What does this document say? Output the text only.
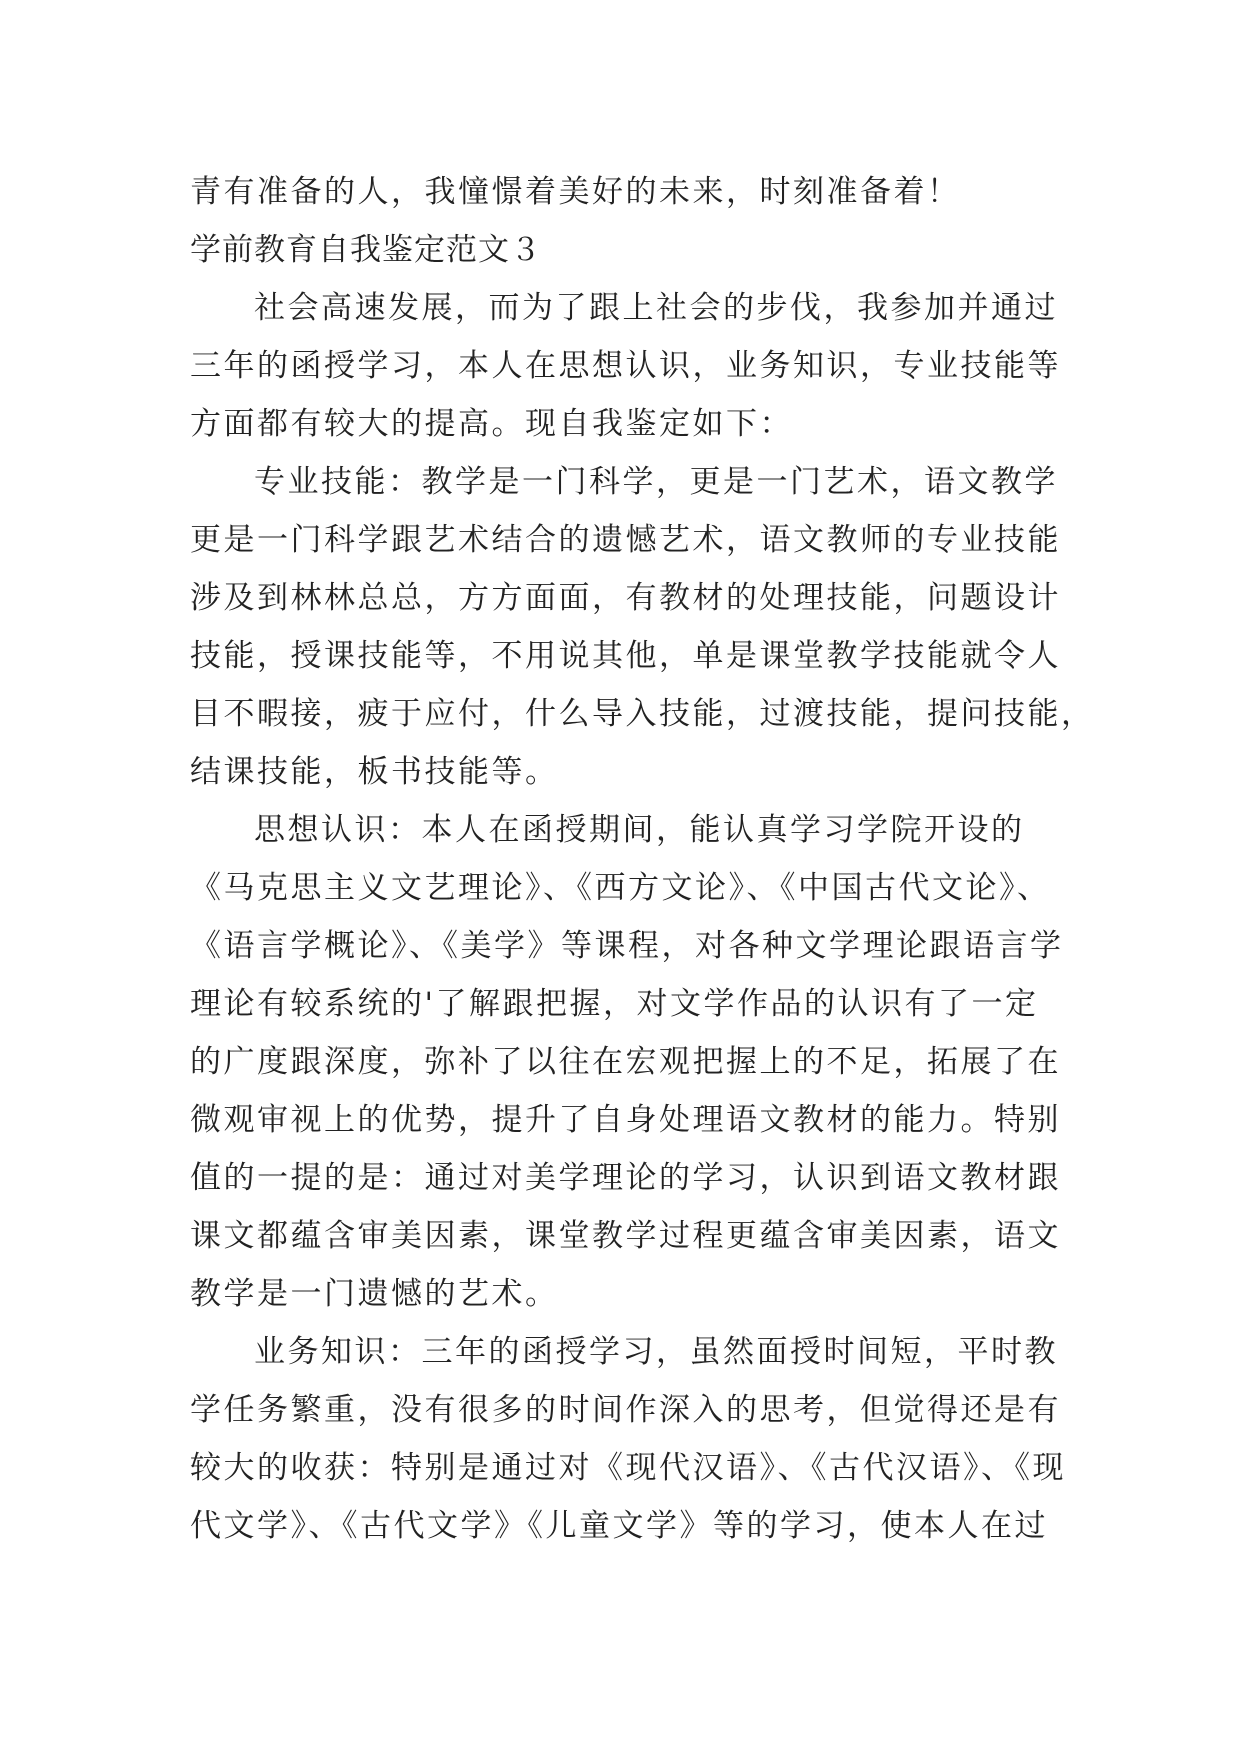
青有准备的人，我憧憬着美好的未来，时刻准备着！
学前教育自我鉴定范文３
社会高速发展，而为了跟上社会的步伐，我参加并通过
三年的函授学习，本人在思想认识，业务知识，专业技能等
方面都有较大的提高。现自我鉴定如下：
专业技能：教学是一门科学，更是一门艺术，语文教学
更是一门科学跟艺术结合的遗憾艺术，语文教师的专业技能
涉及到林林总总，方方面面，有教材的处理技能，问题设计
技能，授课技能等，不用说其他，单是课堂教学技能就令人
目不暇接，疲于应付，什么导入技能，过渡技能，提问技能，
结课技能，板书技能等。
思想认识：本人在函授期间，能认真学习学院开设的
《马克思主义文艺理论》、《西方文论》、《中国古代文论》、
《语言学概论》、《美学》等课程，对各种文学理论跟语言学
理论有较系统的'了解跟把握，对文学作品的认识有了一定
的广度跟深度，弥补了以往在宏观把握上的不足，拓展了在
微观审视上的优势，提升了自身处理语文教材的能力。特别
值的一提的是：通过对美学理论的学习，认识到语文教材跟
课文都蕴含审美因素，课堂教学过程更蕴含审美因素，语文
教学是一门遗憾的艺术。
业务知识：三年的函授学习，虽然面授时间短，平时教
学任务繁重，没有很多的时间作深入的思考，但觉得还是有
较大的收获：特别是通过对《现代汉语》、《古代汉语》、《现
代文学》、《古代文学》《儿童文学》等的学习，使本人在过
